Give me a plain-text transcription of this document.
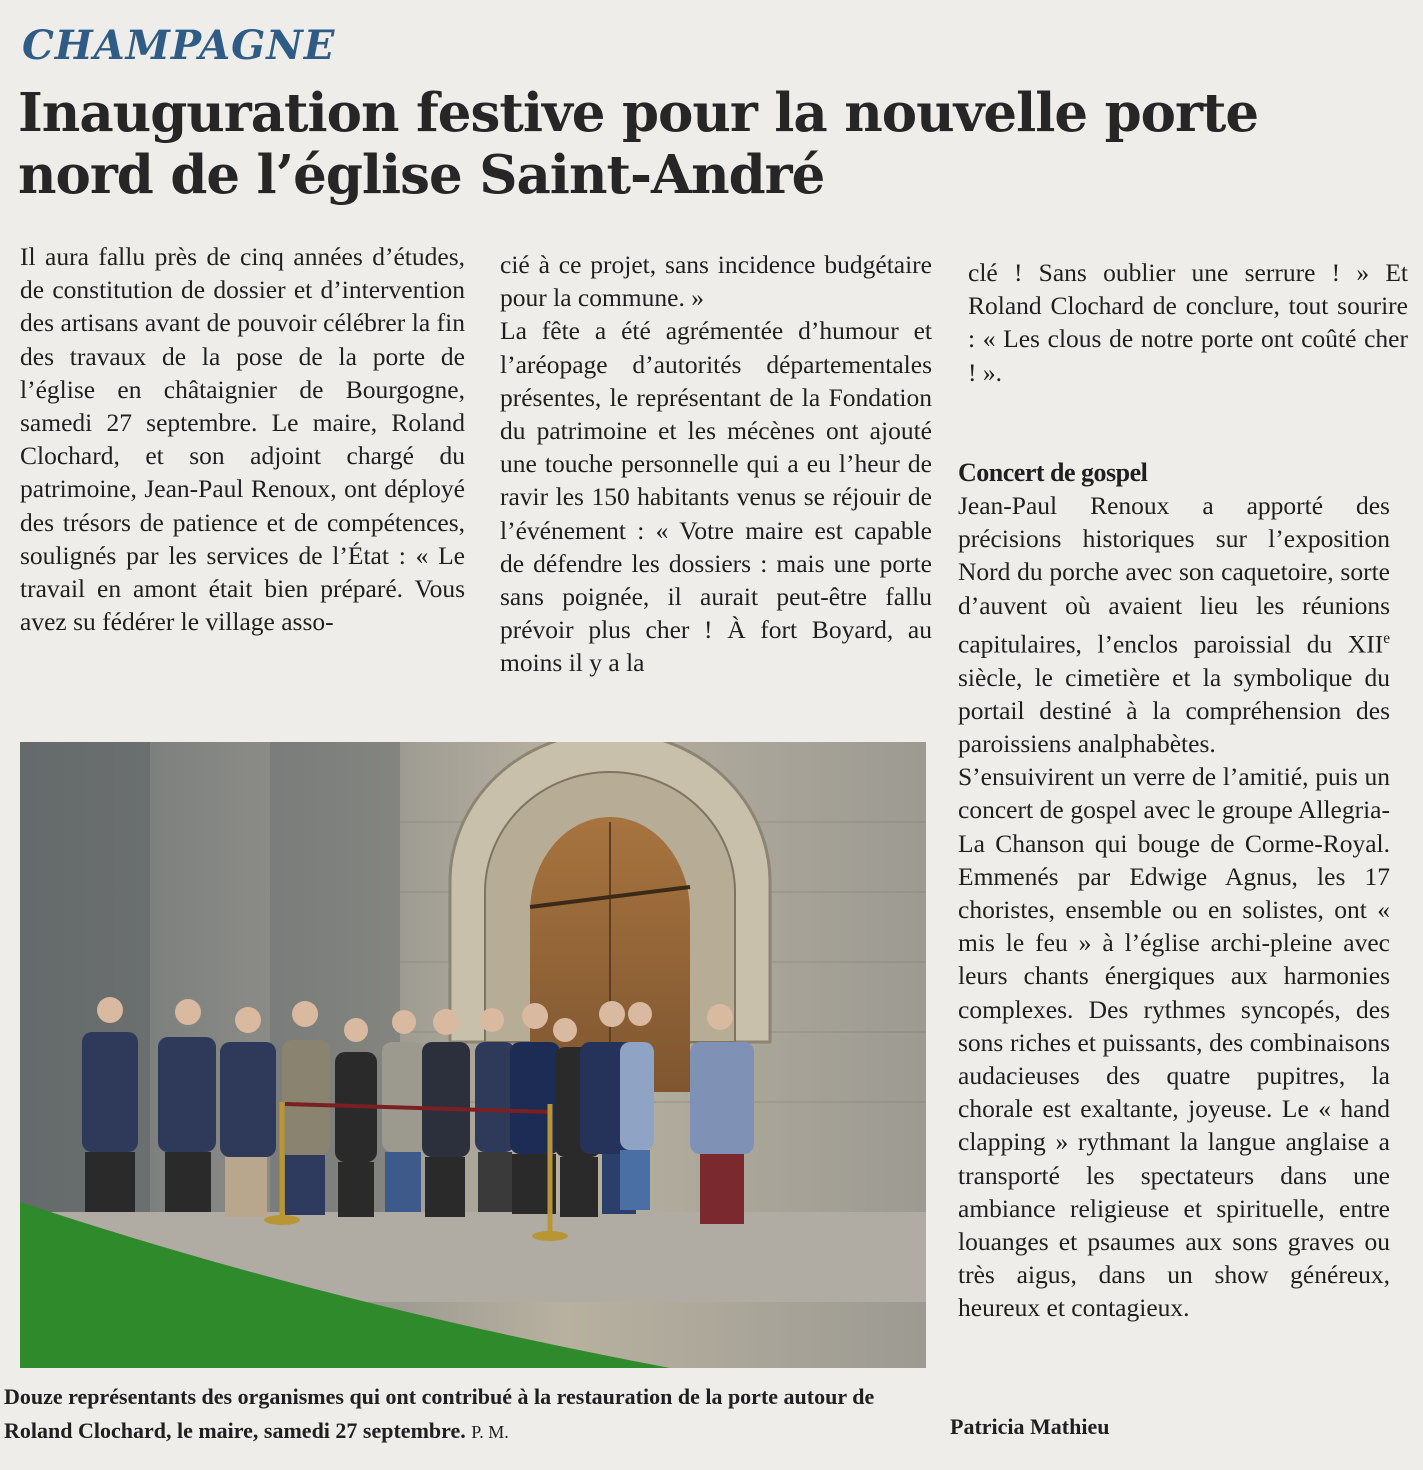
CHAMPAGNE
Inauguration festive pour la nouvelle porte
nord de l’église Saint-André

Il aura fallu près de cinq années d’études, de constitution de dossier et d’intervention des artisans avant de pouvoir célébrer la fin des travaux de la pose de la porte de l’église en châtaignier de Bourgogne, samedi 27 septembre. Le maire, Roland Clochard, et son adjoint chargé du patrimoine, Jean-Paul Renoux, ont déployé des trésors de patience et de compétences, soulignés par les services de l’État : « Le travail en amont était bien préparé. Vous avez su fédérer le village asso-

cié à ce projet, sans incidence budgétaire pour la commune. »

La fête a été agrémentée d’humour et l’aréopage d’autorités départementales présentes, le représentant de la Fondation du patrimoine et les mécènes ont ajouté une touche personnelle qui a eu l’heur de ravir les 150 habitants venus se réjouir de l’événement : « Votre maire est capable de défendre les dossiers : mais une porte sans poignée, il aurait peut-être fallu prévoir plus cher ! À fort Boyard, au moins il y a la

clé ! Sans oublier une serrure ! » Et Roland Clochard de conclure, tout sourire : « Les clous de notre porte ont coûté cher ! ».

Concert de gospel

Jean-Paul Renoux a apporté des précisions historiques sur l’exposition Nord du porche avec son caquetoire, sorte d’auvent où avaient lieu les réunions capitulaires, l’enclos paroissial du XIIe siècle, le cimetière et la symbolique du portail destiné à la compréhension des paroissiens analphabètes.

S’ensuivirent un verre de l’amitié, puis un concert de gospel avec le groupe Allegria-La Chanson qui bouge de Corme-Royal. Emmenés par Edwige Agnus, les 17 choristes, ensemble ou en solistes, ont « mis le feu » à l’église archi-pleine avec leurs chants énergiques aux harmonies complexes. Des rythmes syncopés, des sons riches et puissants, des combinaisons audacieuses des quatre pupitres, la chorale est exaltante, joyeuse. Le « hand clapping » rythmant la langue anglaise a transporté les spectateurs dans une ambiance religieuse et spirituelle, entre louanges et psaumes aux sons graves ou très aigus, dans un show généreux, heureux et contagieux.

Patricia Mathieu
Douze représentants des organismes qui ont contribué à la restauration de la porte autour de Roland Clochard, le maire, samedi 27 septembre. P. M.
